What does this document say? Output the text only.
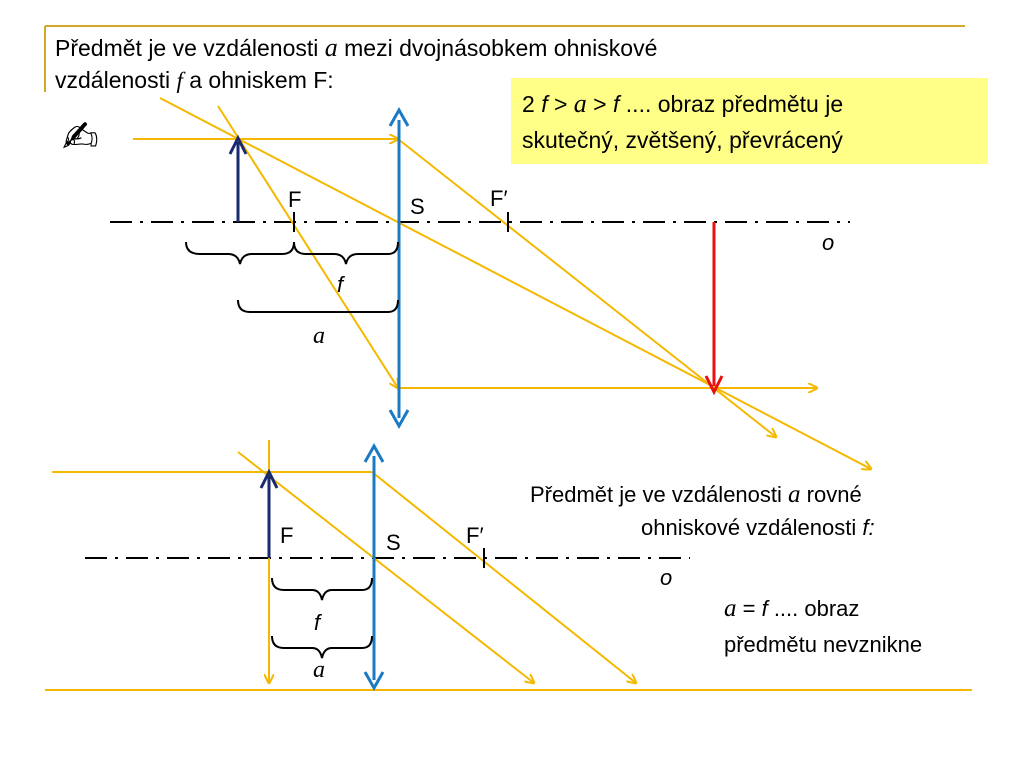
Předmět je ve vzdálenosti a mezi dvojnásobkem ohniskové
vzdálenosti f a ohniskem F:
✍
2 f > a > f .... obraz předmětu je
skutečný, zvětšený, převrácený
F	S	F′
o
f
a
F	S	F′
o
f
a
Předmět je ve vzdálenosti a rovné
ohniskové vzdálenosti f:
a = f .... obraz
předmětu nevznikne
